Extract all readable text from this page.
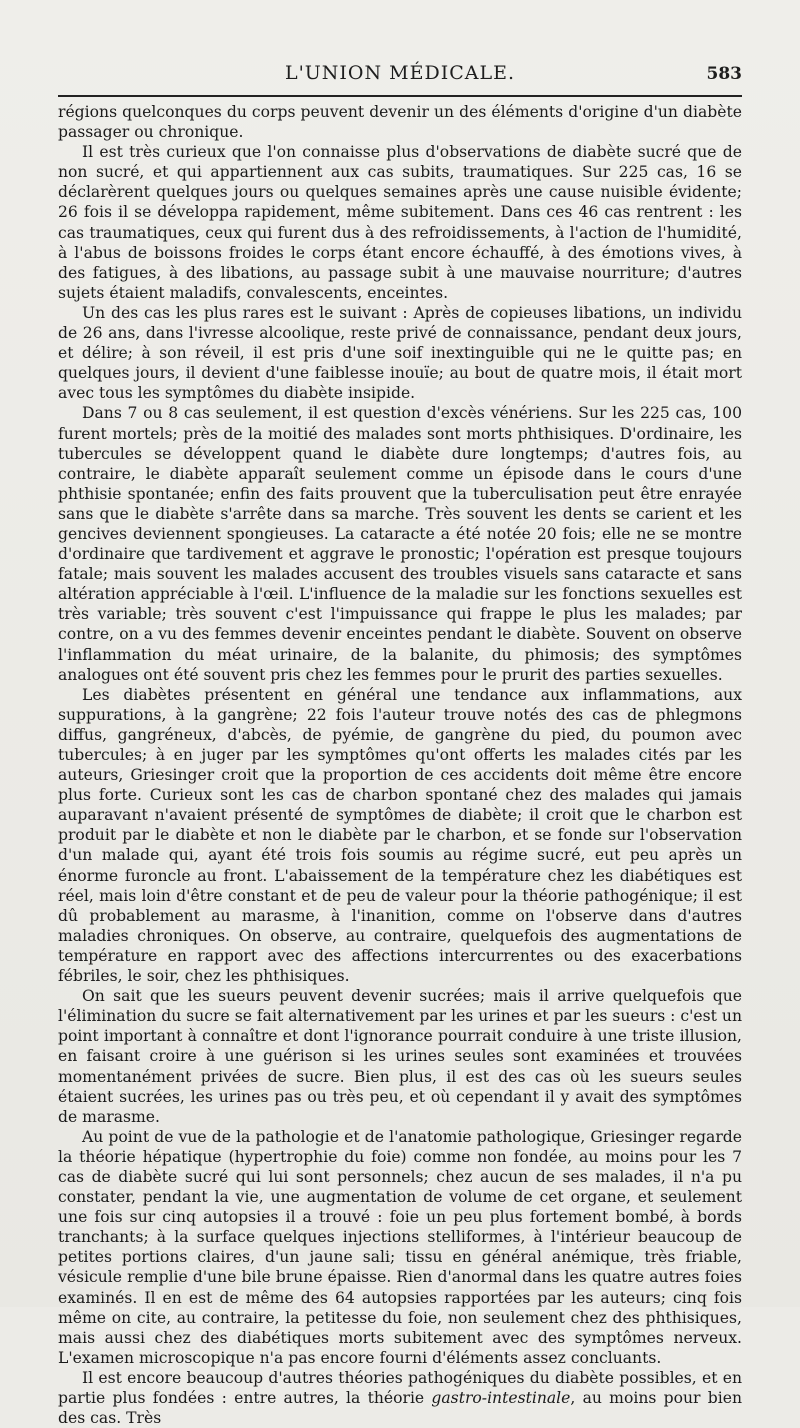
L'UNION MÉDICALE.	583

régions quelconques du corps peuvent devenir un des éléments d'origine d'un diabète passager ou chronique.

Il est très curieux que l'on connaisse plus d'observations de diabète sucré que de non sucré, et qui appartiennent aux cas subits, traumatiques. Sur 225 cas, 16 se déclarèrent quelques jours ou quelques semaines après une cause nuisible évidente; 26 fois il se développa rapidement, même subitement. Dans ces 46 cas rentrent : les cas traumatiques, ceux qui furent dus à des refroidissements, à l'action de l'humidité, à l'abus de boissons froides le corps étant encore échauffé, à des émotions vives, à des fatigues, à des libations, au passage subit à une mauvaise nourriture; d'autres sujets étaient maladifs, convalescents, enceintes.

Un des cas les plus rares est le suivant : Après de copieuses libations, un individu de 26 ans, dans l'ivresse alcoolique, reste privé de connaissance, pendant deux jours, et délire; à son réveil, il est pris d'une soif inextinguible qui ne le quitte pas; en quelques jours, il devient d'une faiblesse inouïe; au bout de quatre mois, il était mort avec tous les symptômes du diabète insipide.

Dans 7 ou 8 cas seulement, il est question d'excès vénériens. Sur les 225 cas, 100 furent mortels; près de la moitié des malades sont morts phthisiques. D'ordinaire, les tubercules se développent quand le diabète dure longtemps; d'autres fois, au contraire, le diabète apparaît seulement comme un épisode dans le cours d'une phthisie spontanée; enfin des faits prouvent que la tuberculisation peut être enrayée sans que le diabète s'arrête dans sa marche. Très souvent les dents se carient et les gencives deviennent spongieuses. La cataracte a été notée 20 fois; elle ne se montre d'ordinaire que tardivement et aggrave le pronostic; l'opération est presque toujours fatale; mais souvent les malades accusent des troubles visuels sans cataracte et sans altération appréciable à l'œil. L'influence de la maladie sur les fonctions sexuelles est très variable; très souvent c'est l'impuissance qui frappe le plus les malades; par contre, on a vu des femmes devenir enceintes pendant le diabète. Souvent on observe l'inflammation du méat urinaire, de la balanite, du phimosis; des symptômes analogues ont été souvent pris chez les femmes pour le prurit des parties sexuelles.

Les diabètes présentent en général une tendance aux inflammations, aux suppurations, à la gangrène; 22 fois l'auteur trouve notés des cas de phlegmons diffus, gangréneux, d'abcès, de pyémie, de gangrène du pied, du poumon avec tubercules; à en juger par les symptômes qu'ont offerts les malades cités par les auteurs, Griesinger croit que la proportion de ces accidents doit même être encore plus forte. Curieux sont les cas de charbon spontané chez des malades qui jamais auparavant n'avaient présenté de symptômes de diabète; il croit que le charbon est produit par le diabète et non le diabète par le charbon, et se fonde sur l'observation d'un malade qui, ayant été trois fois soumis au régime sucré, eut peu après un énorme furoncle au front. L'abaissement de la température chez les diabétiques est réel, mais loin d'être constant et de peu de valeur pour la théorie pathogénique; il est dû probablement au marasme, à l'inanition, comme on l'observe dans d'autres maladies chroniques. On observe, au contraire, quelquefois des augmentations de température en rapport avec des affections intercurrentes ou des exacerbations fébriles, le soir, chez les phthisiques.

On sait que les sueurs peuvent devenir sucrées; mais il arrive quelquefois que l'élimination du sucre se fait alternativement par les urines et par les sueurs : c'est un point important à connaître et dont l'ignorance pourrait conduire à une triste illusion, en faisant croire à une guérison si les urines seules sont examinées et trouvées momentanément privées de sucre. Bien plus, il est des cas où les sueurs seules étaient sucrées, les urines pas ou très peu, et où cependant il y avait des symptômes de marasme.

Au point de vue de la pathologie et de l'anatomie pathologique, Griesinger regarde la théorie hépatique (hypertrophie du foie) comme non fondée, au moins pour les 7 cas de diabète sucré qui lui sont personnels; chez aucun de ses malades, il n'a pu constater, pendant la vie, une augmentation de volume de cet organe, et seulement une fois sur cinq autopsies il a trouvé : foie un peu plus fortement bombé, à bords tranchants; à la surface quelques injections stelliformes, à l'intérieur beaucoup de petites portions claires, d'un jaune sali; tissu en général anémique, très friable, vésicule remplie d'une bile brune épaisse. Rien d'anormal dans les quatre autres foies examinés. Il en est de même des 64 autopsies rapportées par les auteurs; cinq fois même on cite, au contraire, la petitesse du foie, non seulement chez des phthisiques, mais aussi chez des diabétiques morts subitement avec des symptômes nerveux. L'examen microscopique n'a pas encore fourni d'éléments assez concluants.

Il est encore beaucoup d'autres théories pathogéniques du diabète possibles, et en partie plus fondées : entre autres, la théorie gastro-intestinale, au moins pour bien des cas. Très
